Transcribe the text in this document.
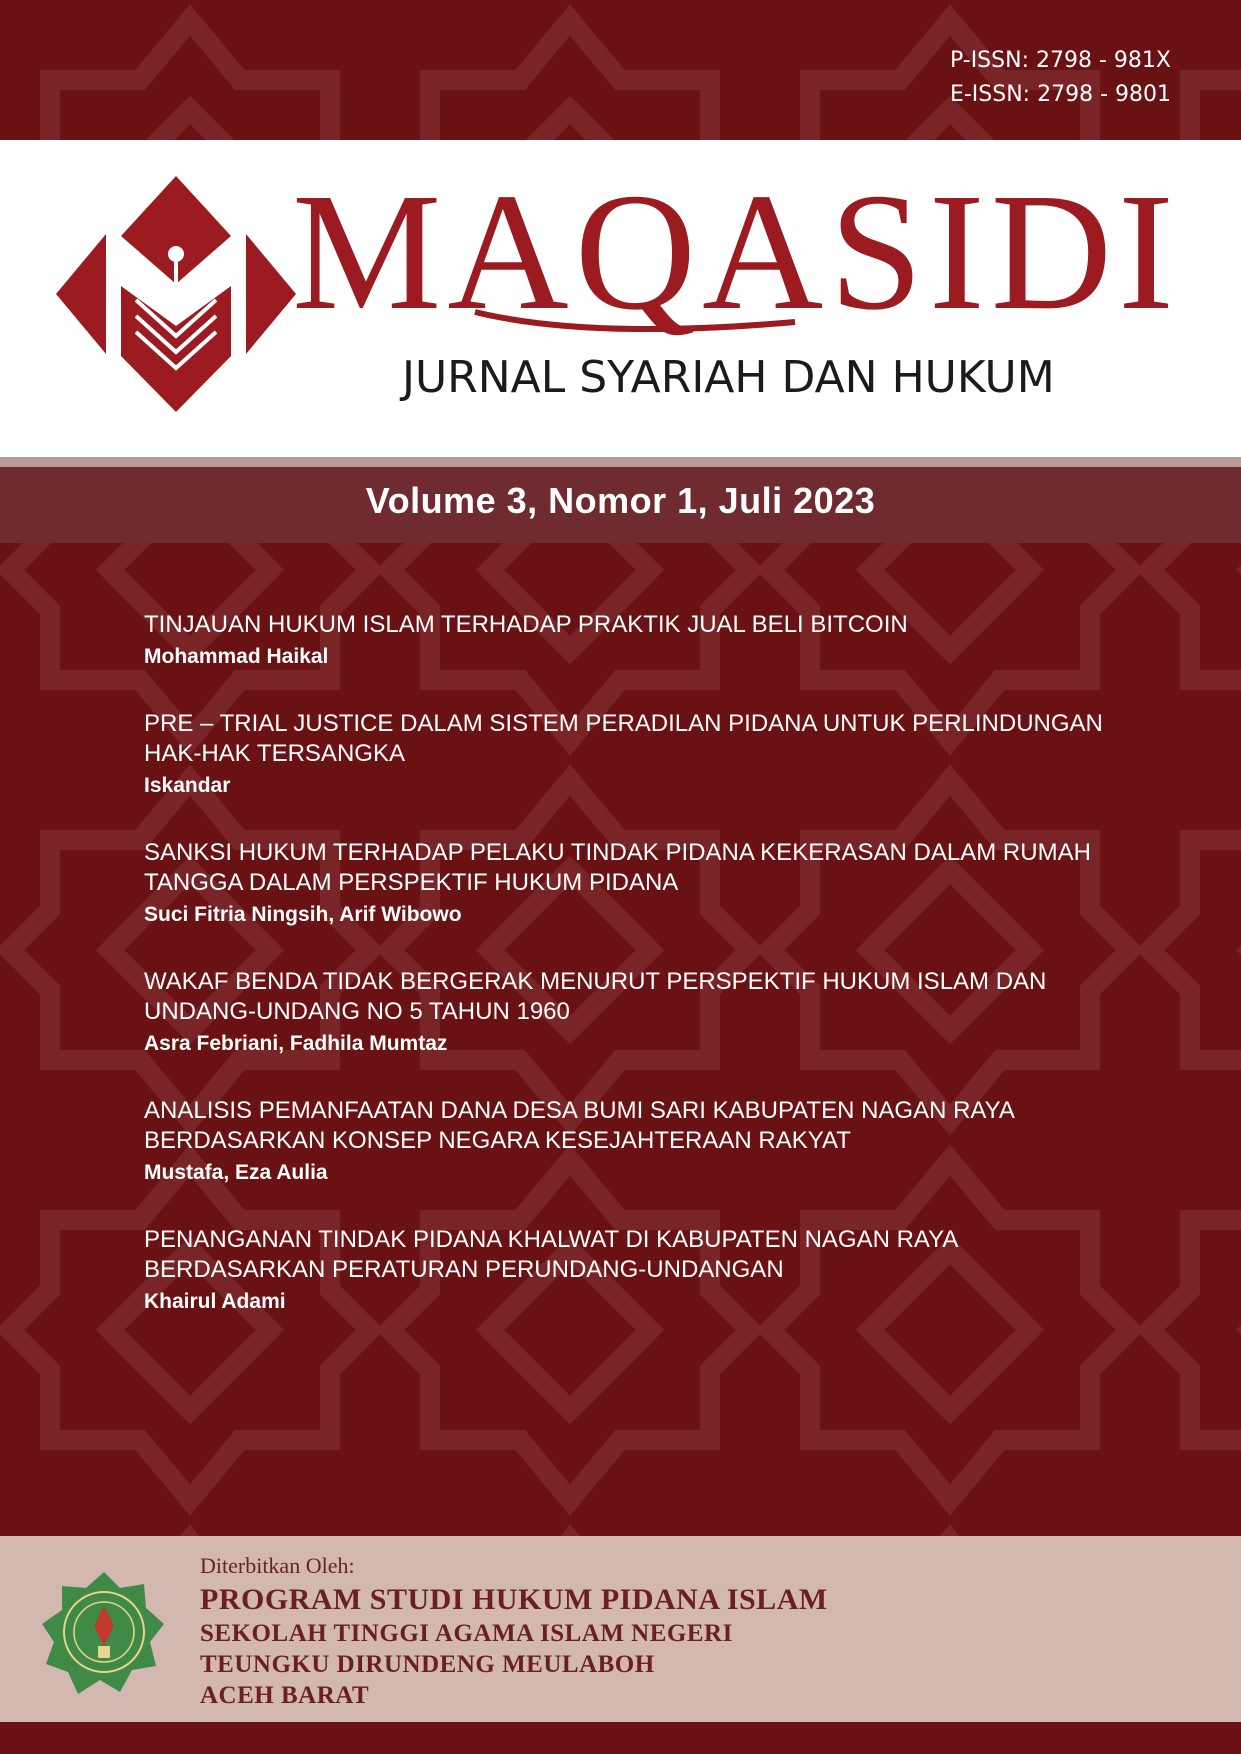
P-ISSN: 2798 - 981X
E-ISSN: 2798 - 9801
MAQASIDI
JURNAL SYARIAH DAN HUKUM
Volume 3, Nomor 1, Juli 2023
TINJAUAN HUKUM ISLAM TERHADAP PRAKTIK JUAL BELI BITCOIN
Mohammad Haikal
PRE – TRIAL JUSTICE DALAM SISTEM PERADILAN PIDANA UNTUK PERLINDUNGAN HAK-HAK TERSANGKA
Iskandar
SANKSI HUKUM TERHADAP PELAKU TINDAK PIDANA KEKERASAN DALAM RUMAH TANGGA DALAM PERSPEKTIF HUKUM PIDANA
Suci Fitria Ningsih, Arif Wibowo
WAKAF BENDA TIDAK BERGERAK MENURUT PERSPEKTIF HUKUM ISLAM DAN UNDANG-UNDANG NO 5 TAHUN 1960
Asra Febriani, Fadhila Mumtaz
ANALISIS PEMANFAATAN DANA DESA BUMI SARI KABUPATEN NAGAN RAYA BERDASARKAN KONSEP NEGARA KESEJAHTERAAN RAKYAT
Mustafa, Eza Aulia
PENANGANAN TINDAK PIDANA KHALWAT DI KABUPATEN NAGAN RAYA BERDASARKAN PERATURAN PERUNDANG-UNDANGAN
Khairul Adami
Diterbitkan Oleh:
PROGRAM STUDI HUKUM PIDANA ISLAM
SEKOLAH TINGGI AGAMA ISLAM NEGERI
TEUNGKU DIRUNDENG MEULABOH
ACEH BARAT
